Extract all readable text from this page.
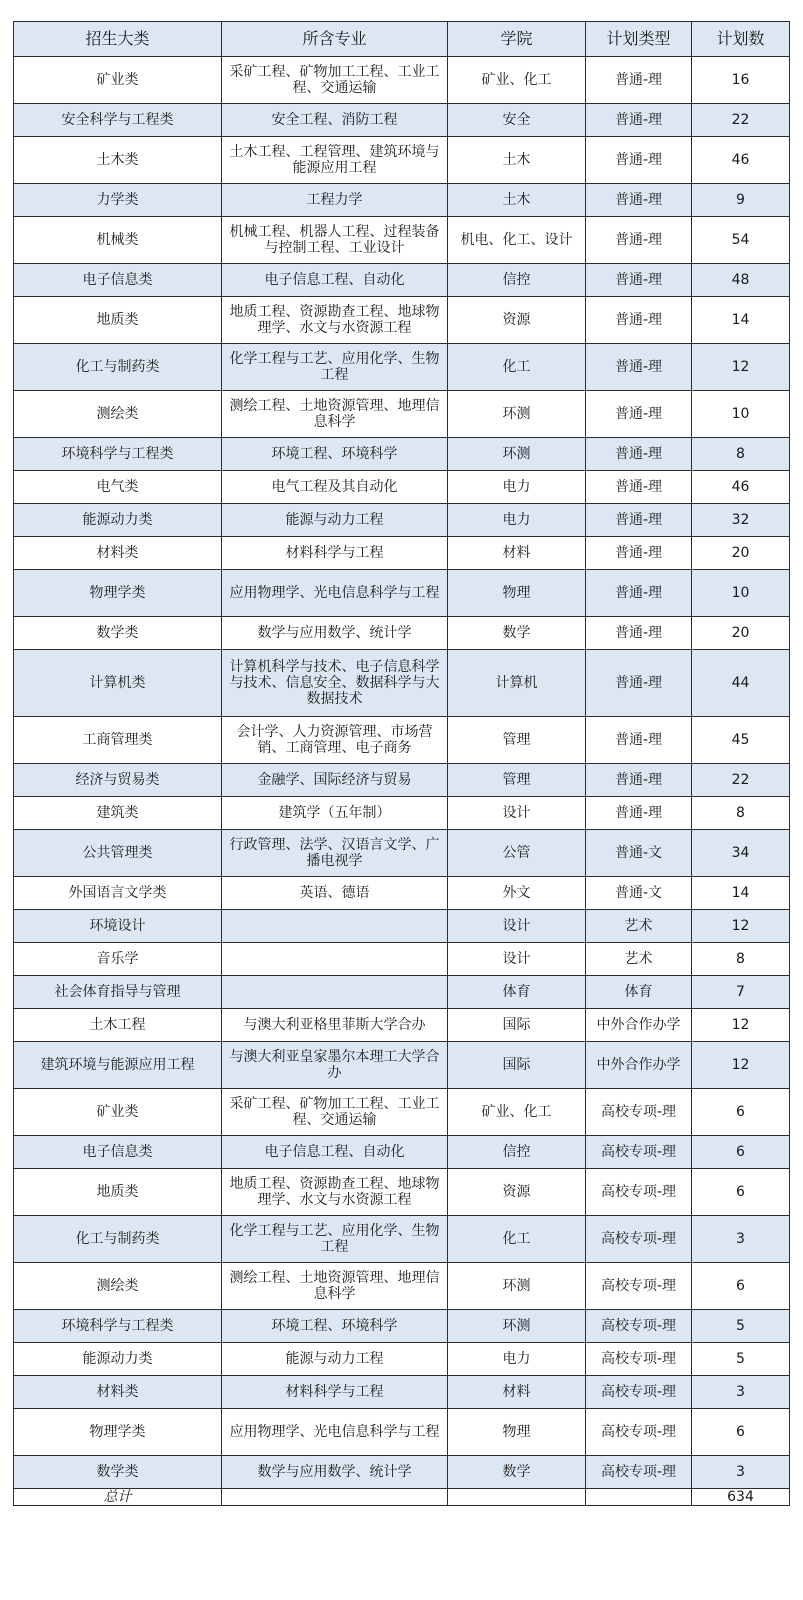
招生大类	所含专业	学院	计划类型	计划数
矿业类	采矿工程、矿物加工工程、工业工程、交通运输	矿业、化工	普通-理	16
安全科学与工程类	安全工程、消防工程	安全	普通-理	22
土木类	土木工程、工程管理、建筑环境与能源应用工程	土木	普通-理	46
力学类	工程力学	土木	普通-理	9
机械类	机械工程、机器人工程、过程装备与控制工程、工业设计	机电、化工、设计	普通-理	54
电子信息类	电子信息工程、自动化	信控	普通-理	48
地质类	地质工程、资源勘查工程、地球物理学、水文与水资源工程	资源	普通-理	14
化工与制药类	化学工程与工艺、应用化学、生物工程	化工	普通-理	12
测绘类	测绘工程、土地资源管理、地理信息科学	环测	普通-理	10
环境科学与工程类	环境工程、环境科学	环测	普通-理	8
电气类	电气工程及其自动化	电力	普通-理	46
能源动力类	能源与动力工程	电力	普通-理	32
材料类	材料科学与工程	材料	普通-理	20
物理学类	应用物理学、光电信息科学与工程	物理	普通-理	10
数学类	数学与应用数学、统计学	数学	普通-理	20
计算机类	计算机科学与技术、电子信息科学与技术、信息安全、数据科学与大数据技术	计算机	普通-理	44
工商管理类	会计学、人力资源管理、市场营销、工商管理、电子商务	管理	普通-理	45
经济与贸易类	金融学、国际经济与贸易	管理	普通-理	22
建筑类	建筑学（五年制）	设计	普通-理	8
公共管理类	行政管理、法学、汉语言文学、广播电视学	公管	普通-文	34
外国语言文学类	英语、德语	外文	普通-文	14
环境设计		设计	艺术	12
音乐学		设计	艺术	8
社会体育指导与管理		体育	体育	7
土木工程	与澳大利亚格里菲斯大学合办	国际	中外合作办学	12
建筑环境与能源应用工程	与澳大利亚皇家墨尔本理工大学合办	国际	中外合作办学	12
矿业类	采矿工程、矿物加工工程、工业工程、交通运输	矿业、化工	高校专项-理	6
电子信息类	电子信息工程、自动化	信控	高校专项-理	6
地质类	地质工程、资源勘查工程、地球物理学、水文与水资源工程	资源	高校专项-理	6
化工与制药类	化学工程与工艺、应用化学、生物工程	化工	高校专项-理	3
测绘类	测绘工程、土地资源管理、地理信息科学	环测	高校专项-理	6
环境科学与工程类	环境工程、环境科学	环测	高校专项-理	5
能源动力类	能源与动力工程	电力	高校专项-理	5
材料类	材料科学与工程	材料	高校专项-理	3
物理学类	应用物理学、光电信息科学与工程	物理	高校专项-理	6
数学类	数学与应用数学、统计学	数学	高校专项-理	3
总计				634
